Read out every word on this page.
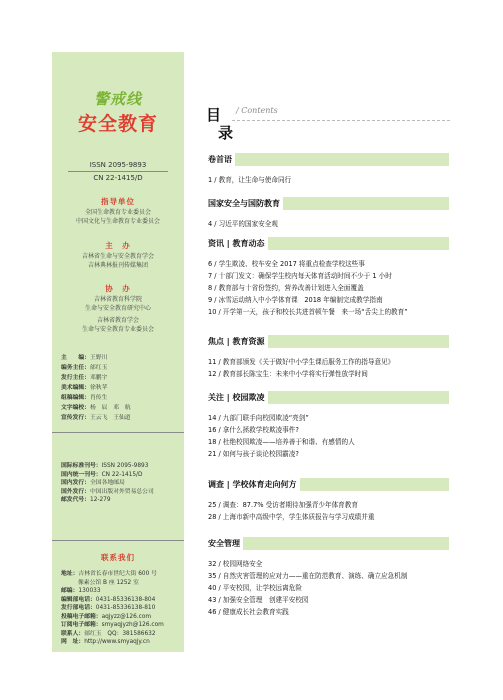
警戒线
安全教育
ISSN 2095-9893
CN 22-1415/D
指导单位
全国生命教育专业委员会
中国文化与生命教育专业委员会
主　办
吉林省生命与安全教育学会
吉林典林报刊传媒集团
协　办
吉林省教育科学院
生命与安全教育研究中心
吉林省教育学会
生命与安全教育专业委员会
主　　编：王野川
编务主任：邰红玉
发行主任：邓鹏宇
美术编辑：徐秋苹
组稿编辑：肖传生
文字编校：杨　辰　邓　航
宣传发行：王云飞　王仙道
国际标准刊号：ISSN 2095-9893
国内统一刊号：CN 22-1415/D
国内发行：全国各地邮局
国外发行：中国出版对外贸易总公司
邮发代号：12-279
联系我们
地址：吉林省长春市世纪大街 600 号
像素公馆 B 座 1252 室
邮编：130033
编辑部电话：0431-85336138-804
发行部电话：0431-85336138-810
投稿电子邮箱：aqjyzz@126.com
订阅电子邮箱：smyaqjyzh@126.com
联系人：邰红玉　QQ：381586632
网　址：http://www.smyaqjy.cn
目
录
/ Contents
卷首语
1 / 教育，让生命与使命同行
国家安全与国防教育
4 / 习近平的国家安全观
资讯 | 教育动态
6 / 学生欺凌、校车安全 2017 将重点检查学校这些事
7 / 十部门发文：确保学生校内每天体育活动时间不少于 1 小时
8 / 教育部与十省份签约，营养改善计划进入全面覆盖
9 / 冰雪运动纳入中小学体育课　2018 年编制完成教学指南
10 / 开学第一天，孩子和校长共进首顿午餐　来一场“舌尖上的教育”
焦点 | 教育资源
11 / 教育部颁发《关于做好中小学生课后服务工作的指导意见》
12 / 教育部长陈宝生：未来中小学将实行弹性放学时间
关注 | 校园欺凌
14 / 九部门联手向校园欺凌“亮剑”
16 / 拿什么拯救学校欺凌事件?
18 / 杜绝校园欺凌——培养善于和谐、有感情的人
21 / 如何与孩子谈论校园霸凌?
调查 | 学校体育走向何方
25 / 调查：87.7% 受访者期待加强青少年体育教育
28 / 上海市新中高级中学，学生体质报告与学习成绩并重
安全管理
32 / 校园网络安全
35 / 自然灾害管理的应对力——重在防范教育、演练、确立应急机制
40 / 平安校园，让学校远离危险
43 / 加强安全管理　创建平安校园
46 / 健康成长社会教育实践
